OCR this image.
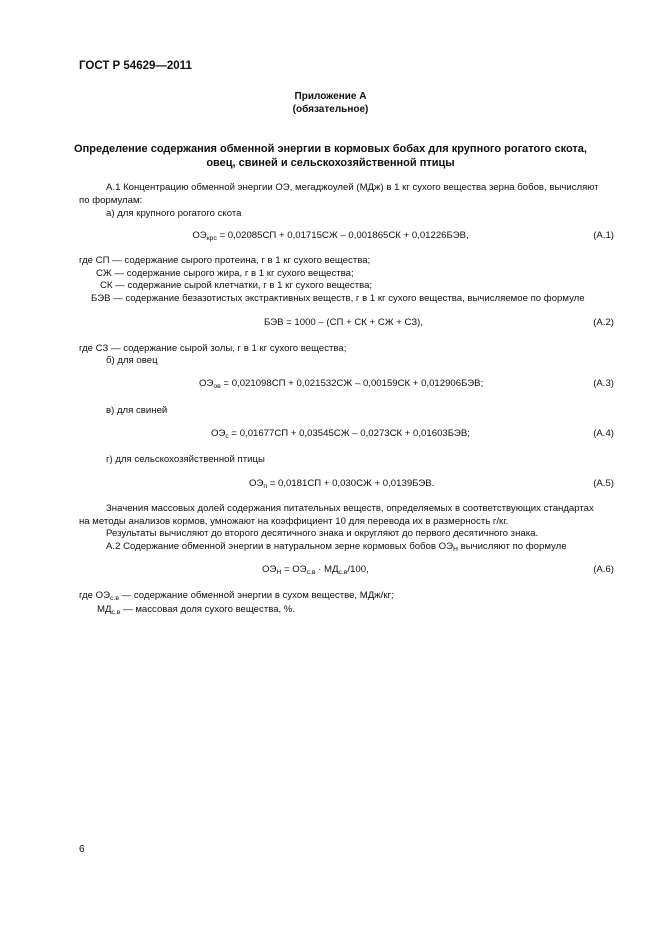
ГОСТ Р 54629—2011
Приложение А
(обязательное)
Определение содержания обменной энергии в кормовых бобах для крупного рогатого скота,
овец, свиней и сельскохозяйственной птицы
А.1 Концентрацию обменной энергии ОЭ, мегаджоулей (МДж) в 1 кг сухого вещества зерна бобов, вычисляют
по формулам:
а) для крупного рогатого скота
$ОЭ_{крс} = 0,02085СП + 0,01715СЖ - 0,001865СК + 0,01226БЭВ$,	(А.1)
где СП — содержание сырого протеина, г в 1 кг сухого вещества;
СЖ — содержание сырого жира, г в 1 кг сухого вещества;
СК — содержание сырой клетчатки, г в 1 кг сухого вещества;
БЭВ — содержание безазотистых экстрактивных веществ, г в 1 кг сухого вещества, вычисляемое по формуле
БЭВ = 1000 – (СП + СК + СЖ + СЗ),	(А.2)
где СЗ — содержание сырой золы, г в 1 кг сухого вещества;
б) для овец
$ОЭ_{ов} = 0,021098СП + 0,021532СЖ - 0,00159СК + 0,012906БЭВ$;	(А.3)
в) для свиней
$ОЭ_с = 0,01677СП + 0,03545СЖ - 0,0273СК + 0,01603БЭВ$;	(А.4)
г) для сельскохозяйственной птицы
$ОЭ_п = 0,0181СП + 0,030СЖ + 0,0139БЭВ$.	(А.5)
Значения массовых долей содержания питательных веществ, определяемых в соответствующих стандартах
на методы анализов кормов, умножают на коэффициент 10 для перевода их в размерность г/кг.
Результаты вычисляют до второго десятичного знака и округляют до первого десятичного знака.
А.2 Содержание обменной энергии в натуральном зерне кормовых бобов $ОЭ_Н$ вычисляют по формуле
$ОЭ_Н = ОЭ_{с.в} \cdot МД_{с.в}/100$,	(А.6)
где $ОЭ_{с.в}$ — содержание обменной энергии в сухом веществе, МДж/кг;
$МД_{с.в}$ — массовая доля сухого вещества, %.
6
